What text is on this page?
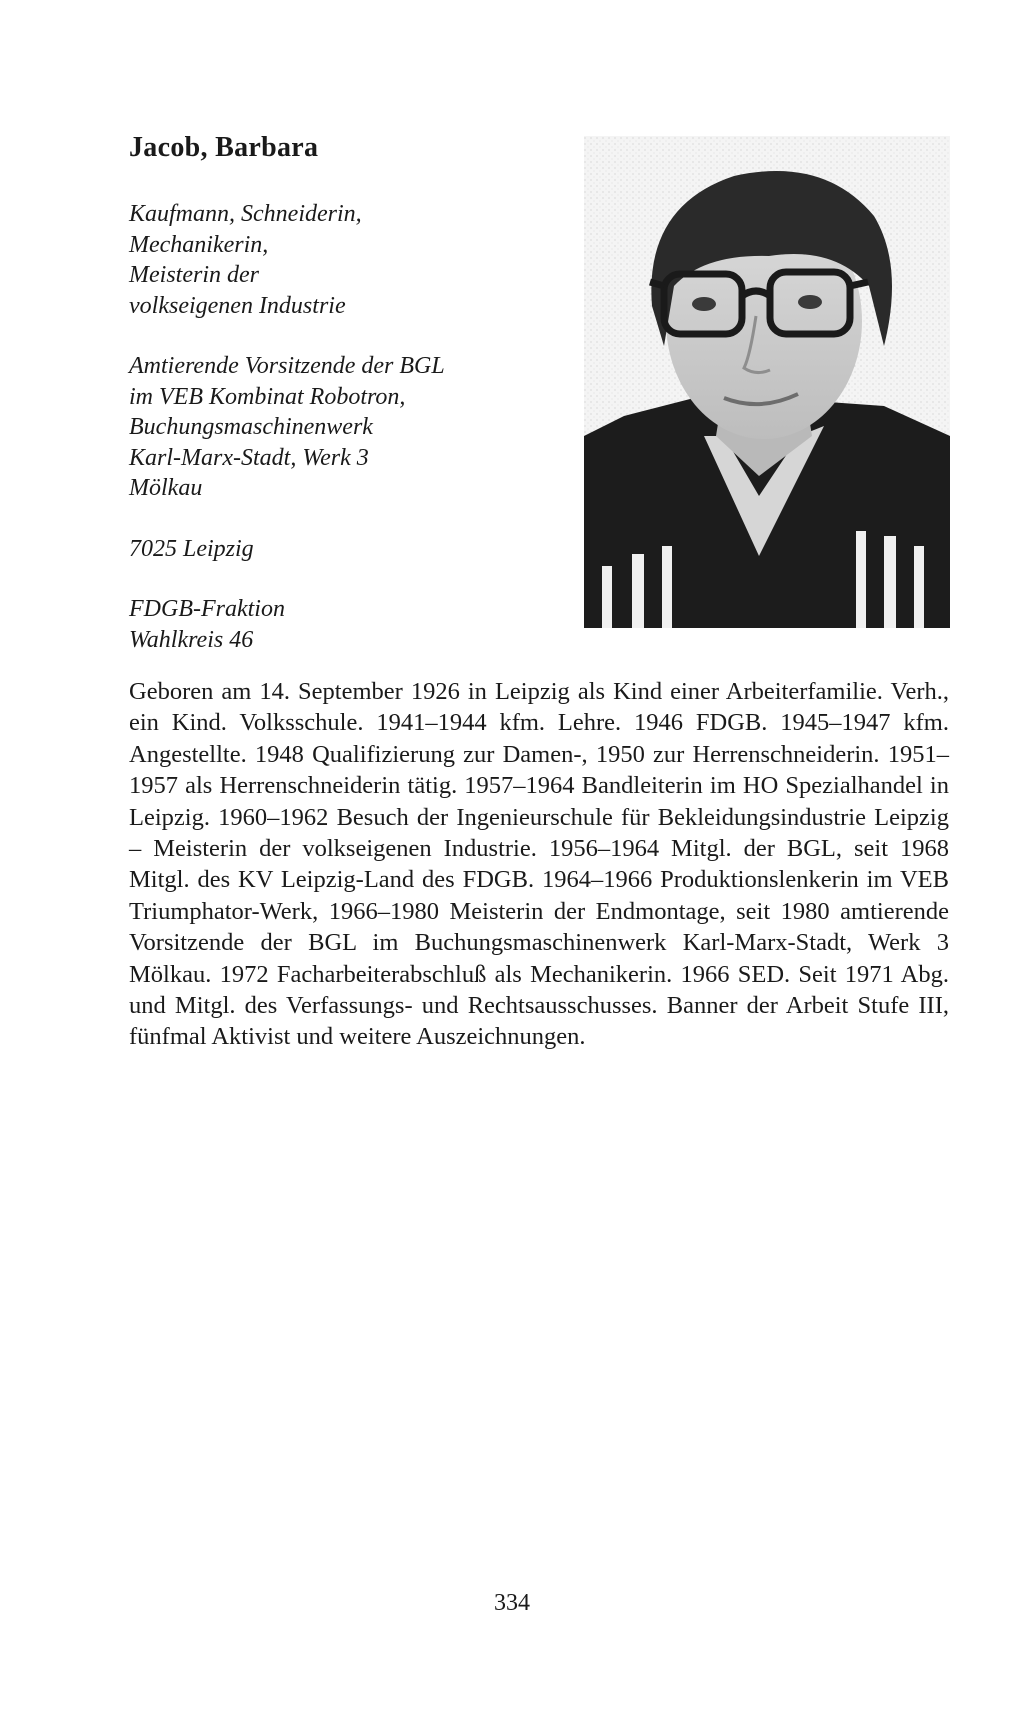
Jacob, Barbara
Kaufmann, Schneiderin,
Mechanikerin,
Meisterin der
volkseigenen Industrie
Amtierende Vorsitzende der BGL
im VEB Kombinat Robotron,
Buchungsmaschinenwerk
Karl-Marx-Stadt, Werk 3
Mölkau
7025 Leipzig
FDGB-Fraktion
Wahlkreis 46

Geboren am 14. September 1926 in Leipzig als Kind einer Arbeiterfamilie. Verh., ein Kind. Volksschule. 1941–1944 kfm. Lehre. 1946 FDGB. 1945–1947 kfm. Angestellte. 1948 Qualifizierung zur Damen-, 1950 zur Herrenschneiderin. 1951–1957 als Herrenschneiderin tätig. 1957–1964 Bandleiterin im HO Spezialhandel in Leipzig. 1960–1962 Besuch der Ingenieurschule für Bekleidungsindustrie Leipzig – Meisterin der volkseigenen Industrie. 1956–1964 Mitgl. der BGL, seit 1968 Mitgl. des KV Leipzig-Land des FDGB. 1964–1966 Produktionslenkerin im VEB Triumphator-Werk, 1966–1980 Meisterin der Endmontage, seit 1980 amtierende Vorsitzende der BGL im Buchungsmaschinenwerk Karl-Marx-Stadt, Werk 3 Mölkau. 1972 Facharbeiterabschluß als Mechanikerin. 1966 SED. Seit 1971 Abg. und Mitgl. des Verfassungs- und Rechtsausschusses. Banner der Arbeit Stufe III, fünfmal Aktivist und weitere Auszeichnungen.

334
